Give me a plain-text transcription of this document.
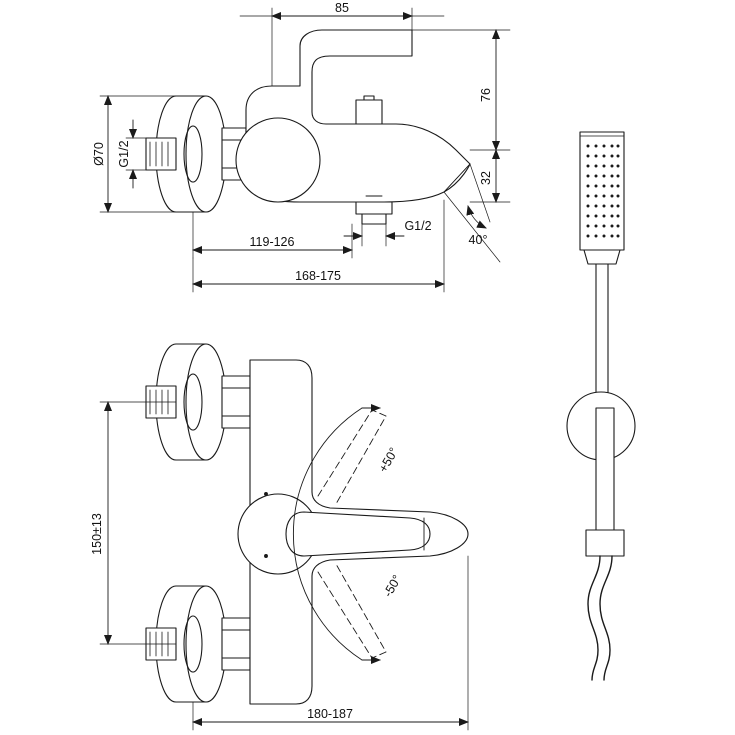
85
76
32
Ø70 G1/2
119-126
G1/2
168-175
40°
150±13
180-187
+50°
-50°
